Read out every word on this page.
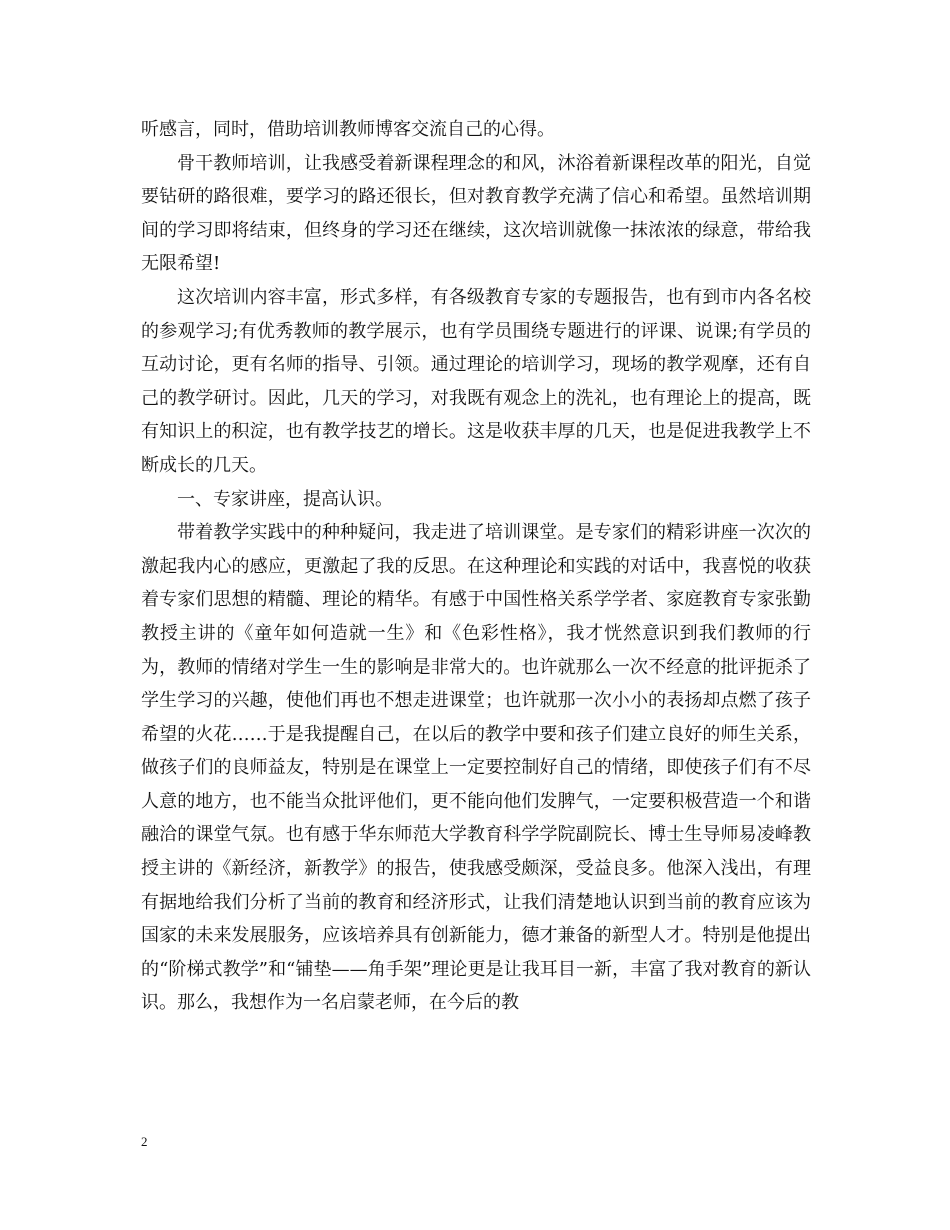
听感言，同时，借助培训教师博客交流自己的心得。

骨干教师培训，让我感受着新课程理念的和风，沐浴着新课程改革的阳光，自觉要钻研的路很难，要学习的路还很长，但对教育教学充满了信心和希望。虽然培训期间的学习即将结束，但终身的学习还在继续，这次培训就像一抹浓浓的绿意，带给我无限希望!

这次培训内容丰富，形式多样，有各级教育专家的专题报告，也有到市内各名校的参观学习;有优秀教师的教学展示，也有学员围绕专题进行的评课、说课;有学员的互动讨论，更有名师的指导、引领。通过理论的培训学习，现场的教学观摩，还有自己的教学研讨。因此，几天的学习，对我既有观念上的洗礼，也有理论上的提高，既有知识上的积淀，也有教学技艺的增长。这是收获丰厚的几天，也是促进我教学上不断成长的几天。

一、专家讲座，提高认识。

带着教学实践中的种种疑问，我走进了培训课堂。是专家们的精彩讲座一次次的激起我内心的感应，更激起了我的反思。在这种理论和实践的对话中，我喜悦的收获着专家们思想的精髓、理论的精华。有感于中国性格关系学学者、家庭教育专家张勤教授主讲的《童年如何造就一生》和《色彩性格》，我才恍然意识到我们教师的行为，教师的情绪对学生一生的影响是非常大的。也许就那么一次不经意的批评扼杀了学生学习的兴趣，使他们再也不想走进课堂；也许就那一次小小的表扬却点燃了孩子希望的火花……于是我提醒自己，在以后的教学中要和孩子们建立良好的师生关系，做孩子们的良师益友，特别是在课堂上一定要控制好自己的情绪，即使孩子们有不尽人意的地方，也不能当众批评他们，更不能向他们发脾气，一定要积极营造一个和谐融洽的课堂气氛。也有感于华东师范大学教育科学学院副院长、博士生导师易凌峰教授主讲的《新经济，新教学》的报告，使我感受颇深，受益良多。他深入浅出，有理有据地给我们分析了当前的教育和经济形式，让我们清楚地认识到当前的教育应该为国家的未来发展服务，应该培养具有创新能力，德才兼备的新型人才。特别是他提出的“阶梯式教学”和“铺垫——角手架”理论更是让我耳目一新，丰富了我对教育的新认识。那么，我想作为一名启蒙老师，在今后的教

2
